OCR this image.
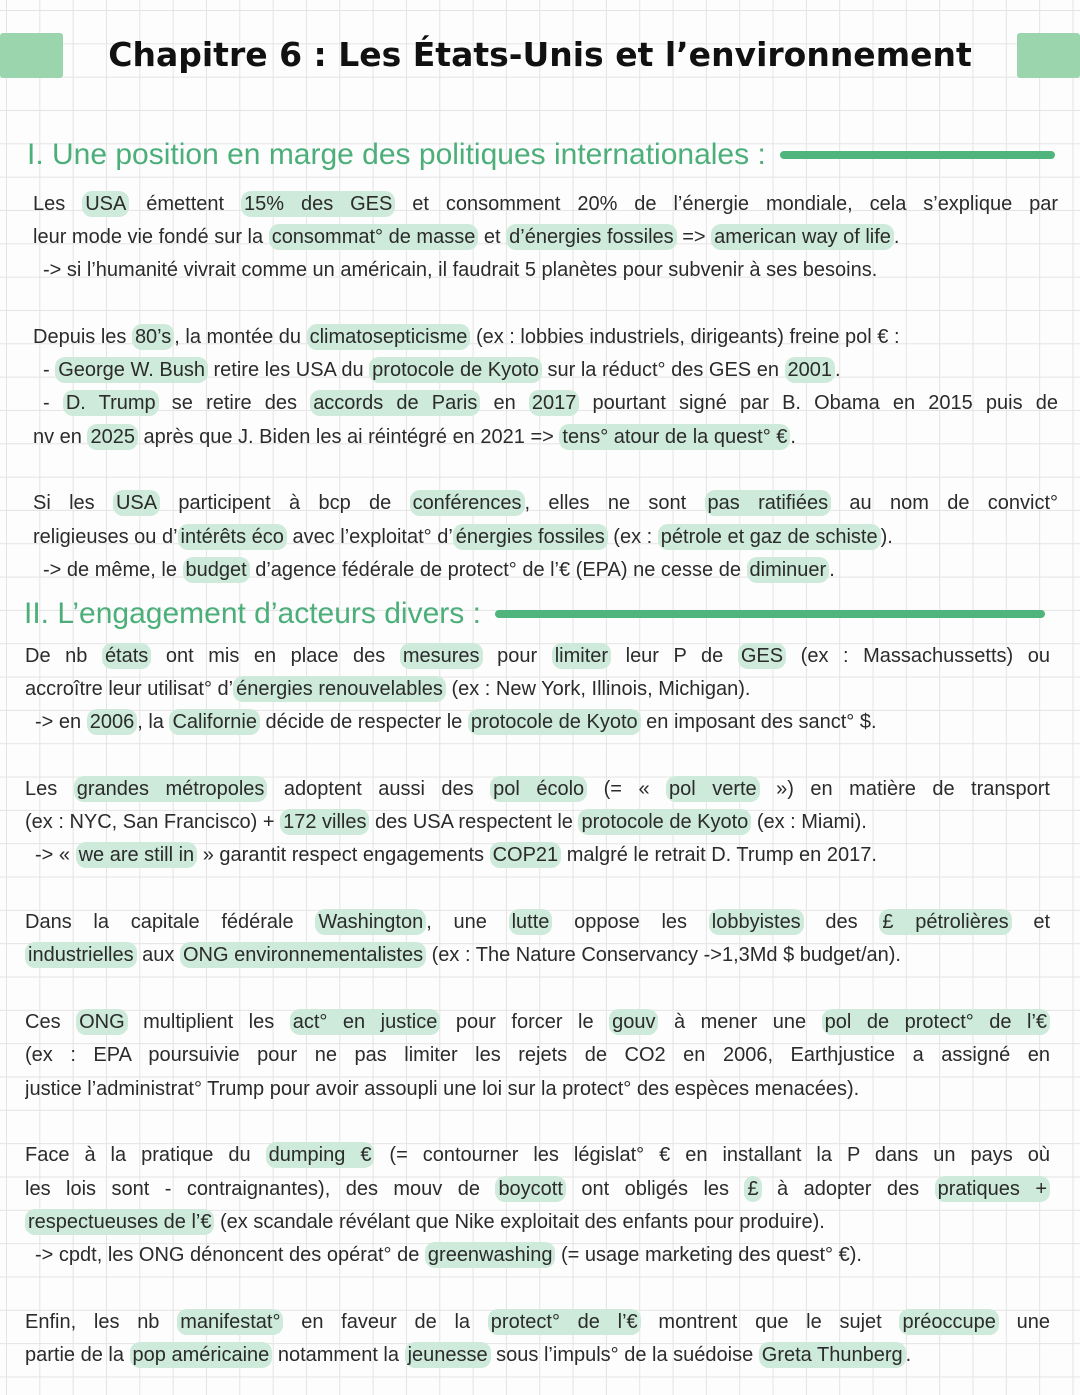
Chapitre 6 : Les États-Unis et l’environnement
I. Une position en marge des politiques internationales :
Les USA émettent 15% des GES et consomment 20% de l’énergie mondiale, cela s’explique par
leur mode vie fondé sur la consommat° de masse et d’énergies fossiles => american way of life .
-> si l’humanité vivrait comme un américain, il faudrait 5 planètes pour subvenir à ses besoins.
Depuis les 80’s , la montée du climatosepticisme (ex : lobbies industriels, dirigeants) freine pol € :
- George W. Bush retire les USA du protocole de Kyoto sur la réduct° des GES en 2001 .
- D. Trump se retire des accords de Paris en 2017 pourtant signé par B. Obama en 2015 puis de
nv en 2025 après que J. Biden les ai réintégré en 2021 => tens° atour de la quest° € .
Si les USA participent à bcp de conférences , elles ne sont pas ratifiées au nom de convict°
religieuses ou d’ intérêts éco avec l’exploitat° d’ énergies fossiles (ex : pétrole et gaz de schiste ).
-> de même, le budget d’agence fédérale de protect° de l’€ (EPA) ne cesse de diminuer .
II. L’engagement d’acteurs divers :
De nb états ont mis en place des mesures pour limiter leur P de GES (ex : Massachussetts) ou
accroître leur utilisat° d’ énergies renouvelables (ex : New York, Illinois, Michigan).
-> en 2006 , la Californie décide de respecter le protocole de Kyoto en imposant des sanct° $.
Les grandes métropoles adoptent aussi des pol écolo (= « pol verte ») en matière de transport
(ex : NYC, San Francisco) + 172 villes des USA respectent le protocole de Kyoto (ex : Miami).
-> « we are still in » garantit respect engagements COP21 malgré le retrait D. Trump en 2017.
Dans la capitale fédérale Washington , une lutte oppose les lobbyistes des £ pétrolières et
industrielles aux ONG environnementalistes (ex : The Nature Conservancy ->1,3Md $ budget/an).
Ces ONG multiplient les act° en justice pour forcer le gouv à mener une pol de protect° de l’€
(ex : EPA poursuivie pour ne pas limiter les rejets de CO2 en 2006, Earthjustice a assigné en
justice l’administrat° Trump pour avoir assoupli une loi sur la protect° des espèces menacées).
Face à la pratique du dumping € (= contourner les législat° € en installant la P dans un pays où
les lois sont - contraignantes), des mouv de boycott ont obligés les £ à adopter des pratiques +
respectueuses de l’€ (ex scandale révélant que Nike exploitait des enfants pour produire).
-> cpdt, les ONG dénoncent des opérat° de greenwashing (= usage marketing des quest° €).
Enfin, les nb manifestat° en faveur de la protect° de l’€ montrent que le sujet préoccupe une
partie de la pop américaine notamment la jeunesse sous l’impuls° de la suédoise Greta Thunberg .
